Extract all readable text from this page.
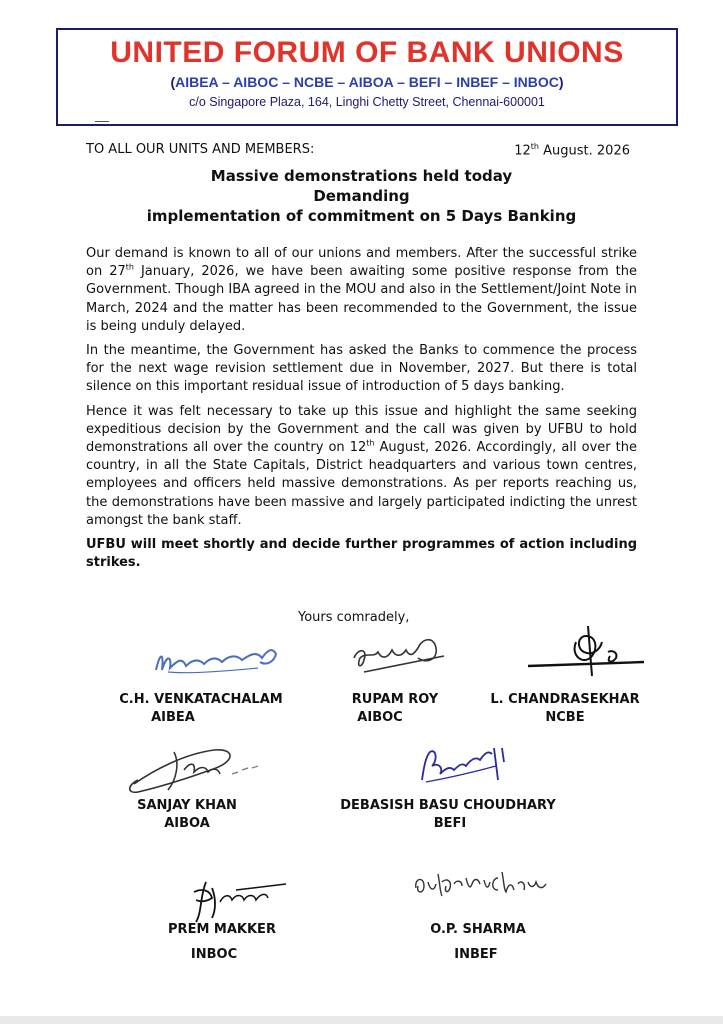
UNITED FORUM OF BANK UNIONS
(AIBEA – AIBOC – NCBE – AIBOA – BEFI – INBEF – INBOC)
c/o Singapore Plaza, 164, Linghi Chetty Street, Chennai-600001
TO ALL OUR UNITS AND MEMBERS:	12th August. 2026
Massive demonstrations held today
Demanding
implementation of commitment on 5 Days Banking

Our demand is known to all of our unions and members. After the successful strike on 27th January, 2026, we have been awaiting some positive response from the Government. Though IBA agreed in the MOU and also in the Settlement/Joint Note in March, 2024 and the matter has been recommended to the Government, the issue is being unduly delayed.

In the meantime, the Government has asked the Banks to commence the process for the next wage revision settlement due in November, 2027. But there is total silence on this important residual issue of introduction of 5 days banking.

Hence it was felt necessary to take up this issue and highlight the same seeking expeditious decision by the Government and the call was given by UFBU to hold demonstrations all over the country on 12th August, 2026. Accordingly, all over the country, in all the State Capitals, District headquarters and various town centres, employees and officers held massive demonstrations. As per reports reaching us, the demonstrations have been massive and largely participated indicting the unrest amongst the bank staff.

UFBU will meet shortly and decide further programmes of action including strikes.

Yours comradely,
C.H. VENKATACHALAM
AIBEA
RUPAM ROY
AIBOC
L. CHANDRASEKHAR
NCBE
SANJAY KHAN
AIBOA
DEBASISH BASU CHOUDHARY
BEFI
PREM MAKKER
INBOC
O.P. SHARMA
INBEF
